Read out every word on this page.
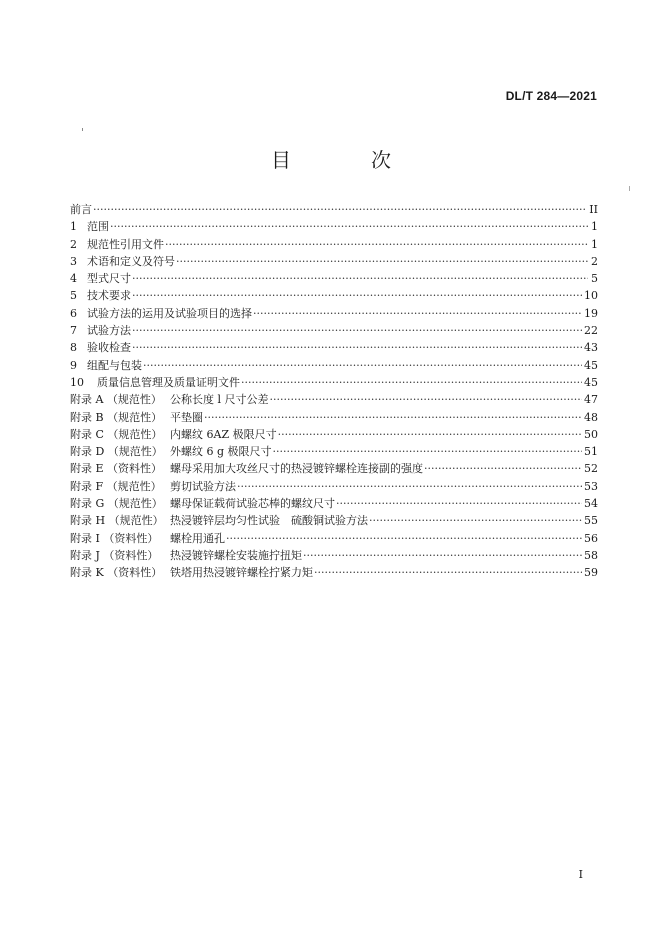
DL/T 284—2021
目　次
前言 ·····	II
1 范围 ·····	1
2 规范性引用文件 ·····	1
3 术语和定义及符号 ·····	2
4 型式尺寸 ·····	5
5 技术要求 ·····	10
6 试验方法的运用及试验项目的选择 ·····	19
7 试验方法 ·····	22
8 验收检查 ·····	43
9 组配与包装 ·····	45
10	质量信息管理及质量证明文件 ·····	45
附录 A （规范性） 公称长度 l 尺寸公差 ·····	47
附录 B （规范性） 平垫圈 ·····	48
附录 C （规范性） 内螺纹 6AZ 极限尺寸 ·····	50
附录 D （规范性） 外螺纹 6 g 极限尺寸 ·····	51
附录 E （资料性） 螺母采用加大攻丝尺寸的热浸镀锌螺栓连接副的强度 ·····	52
附录 F （规范性） 剪切试验方法 ·····	53
附录 G （规范性） 螺母保证载荷试验芯棒的螺纹尺寸 ·····	54
附录 H （规范性） 热浸镀锌层均匀性试验　硫酸铜试验方法 ·····	55
附录 I （资料性）	螺栓用通孔 ·····	56
附录 J （资料性）	热浸镀锌螺栓安装施拧扭矩 ·····	58
附录 K （资料性） 铁塔用热浸镀锌螺栓拧紧力矩 ·····	59
I
